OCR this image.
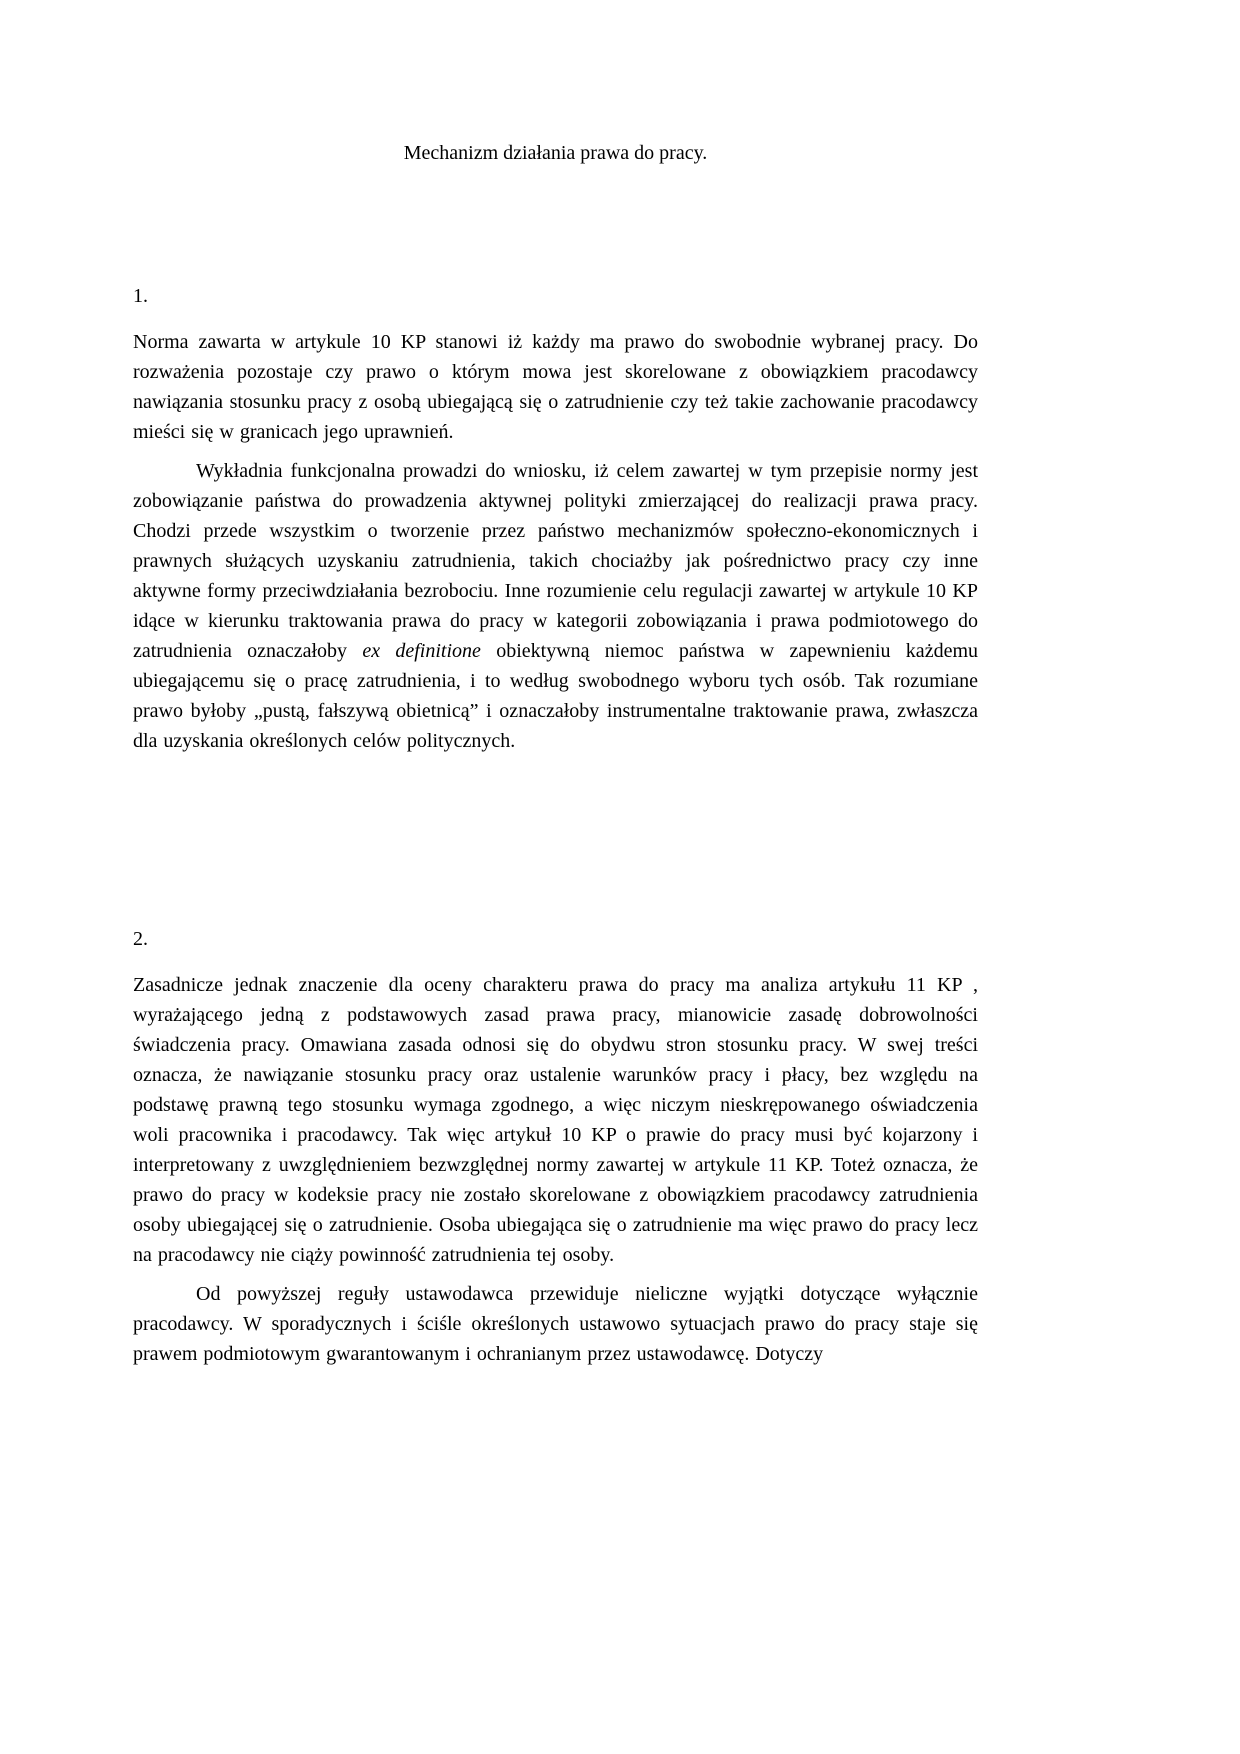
Mechanizm działania prawa do pracy.
1.

Norma zawarta w artykule 10 KP stanowi iż każdy ma prawo do swobodnie wybranej pracy. Do rozważenia pozostaje czy prawo o którym mowa jest skorelowane z obowiązkiem pracodawcy nawiązania stosunku pracy z osobą ubiegającą się o zatrudnienie czy też takie zachowanie pracodawcy mieści się w granicach jego uprawnień.

Wykładnia funkcjonalna prowadzi do wniosku, iż celem zawartej w tym przepisie normy jest zobowiązanie państwa do prowadzenia aktywnej polityki zmierzającej do realizacji prawa pracy. Chodzi przede wszystkim o tworzenie przez państwo mechanizmów społeczno-ekonomicznych i prawnych służących uzyskaniu zatrudnienia, takich chociażby jak pośrednictwo pracy czy inne aktywne formy przeciwdziałania bezrobociu. Inne rozumienie celu regulacji zawartej w artykule 10 KP idące w kierunku traktowania prawa do pracy w kategorii zobowiązania i prawa podmiotowego do zatrudnienia oznaczałoby ex definitione obiektywną niemoc państwa w zapewnieniu każdemu ubiegającemu się o pracę zatrudnienia, i to według swobodnego wyboru tych osób. Tak rozumiane prawo byłoby „pustą, fałszywą obietnicą” i oznaczałoby instrumentalne traktowanie prawa, zwłaszcza dla uzyskania określonych celów politycznych.

2.

Zasadnicze jednak znaczenie dla oceny charakteru prawa do pracy ma analiza artykułu 11 KP , wyrażającego jedną z podstawowych zasad prawa pracy, mianowicie zasadę dobrowolności świadczenia pracy. Omawiana zasada odnosi się do obydwu stron stosunku pracy. W swej treści oznacza, że nawiązanie stosunku pracy oraz ustalenie warunków pracy i płacy, bez względu na podstawę prawną tego stosunku wymaga zgodnego, a więc niczym nieskrępowanego oświadczenia woli pracownika i pracodawcy. Tak więc artykuł 10 KP o prawie do pracy musi być kojarzony i interpretowany z uwzględnieniem bezwzględnej normy zawartej w artykule 11 KP. Toteż oznacza, że prawo do pracy w kodeksie pracy nie zostało skorelowane z obowiązkiem pracodawcy zatrudnienia osoby ubiegającej się o zatrudnienie. Osoba ubiegająca się o zatrudnienie ma więc prawo do pracy lecz na pracodawcy nie ciąży powinność zatrudnienia tej osoby.

Od powyższej reguły ustawodawca przewiduje nieliczne wyjątki dotyczące wyłącznie pracodawcy. W sporadycznych i ściśle określonych ustawowo sytuacjach prawo do pracy staje się prawem podmiotowym gwarantowanym i ochranianym przez ustawodawcę. Dotyczy
